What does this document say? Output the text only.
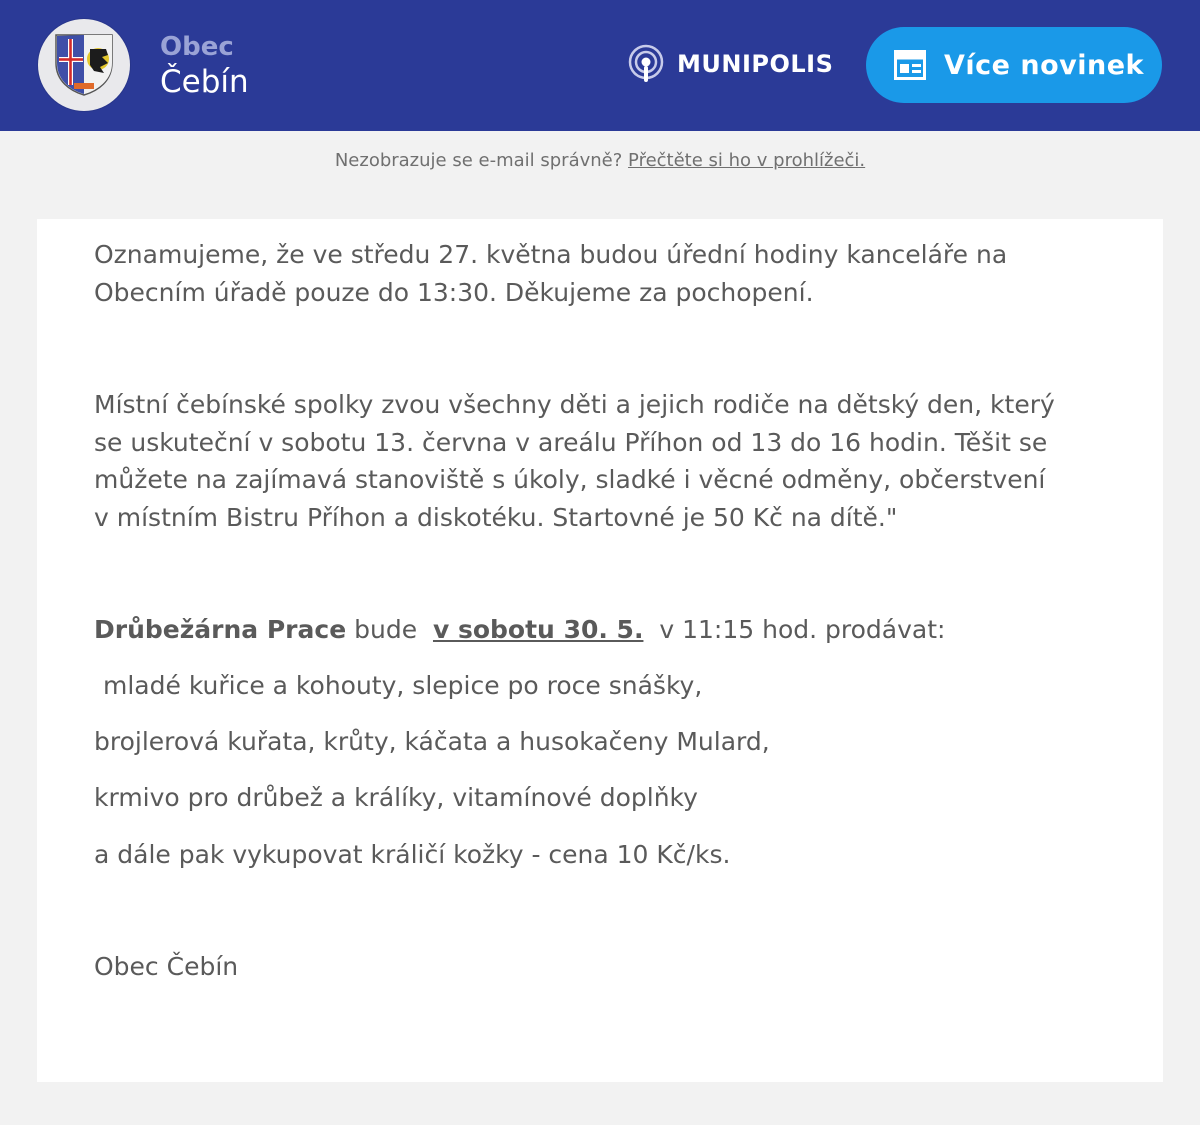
Obec
Čebín	MUNIPOLIS	Více novinek
Nezobrazuje se e-mail správně? Přečtěte si ho v prohlížeči.

Oznamujeme, že ve středu 27. května budou úřední hodiny kanceláře na
Obecním úřadě pouze do 13:30. Děkujeme za pochopení.

Místní čebínské spolky zvou všechny děti a jejich rodiče na dětský den, který
se uskuteční v sobotu 13. června v areálu Příhon od 13 do 16 hodin. Těšit se
můžete na zajímavá stanoviště s úkoly, sladké i věcné odměny, občerstvení
v místním Bistru Příhon a diskotéku. Startovné je 50 Kč na dítě."

Drůbežárna Prace bude v sobotu 30. 5. v 11:15 hod. prodávat:

mladé kuřice a kohouty, slepice po roce snášky,

brojlerová kuřata, krůty, káčata a husokačeny Mulard,

krmivo pro drůbež a králíky, vitamínové doplňky

a dále pak vykupovat králičí kožky - cena 10 Kč/ks.

Obec Čebín
